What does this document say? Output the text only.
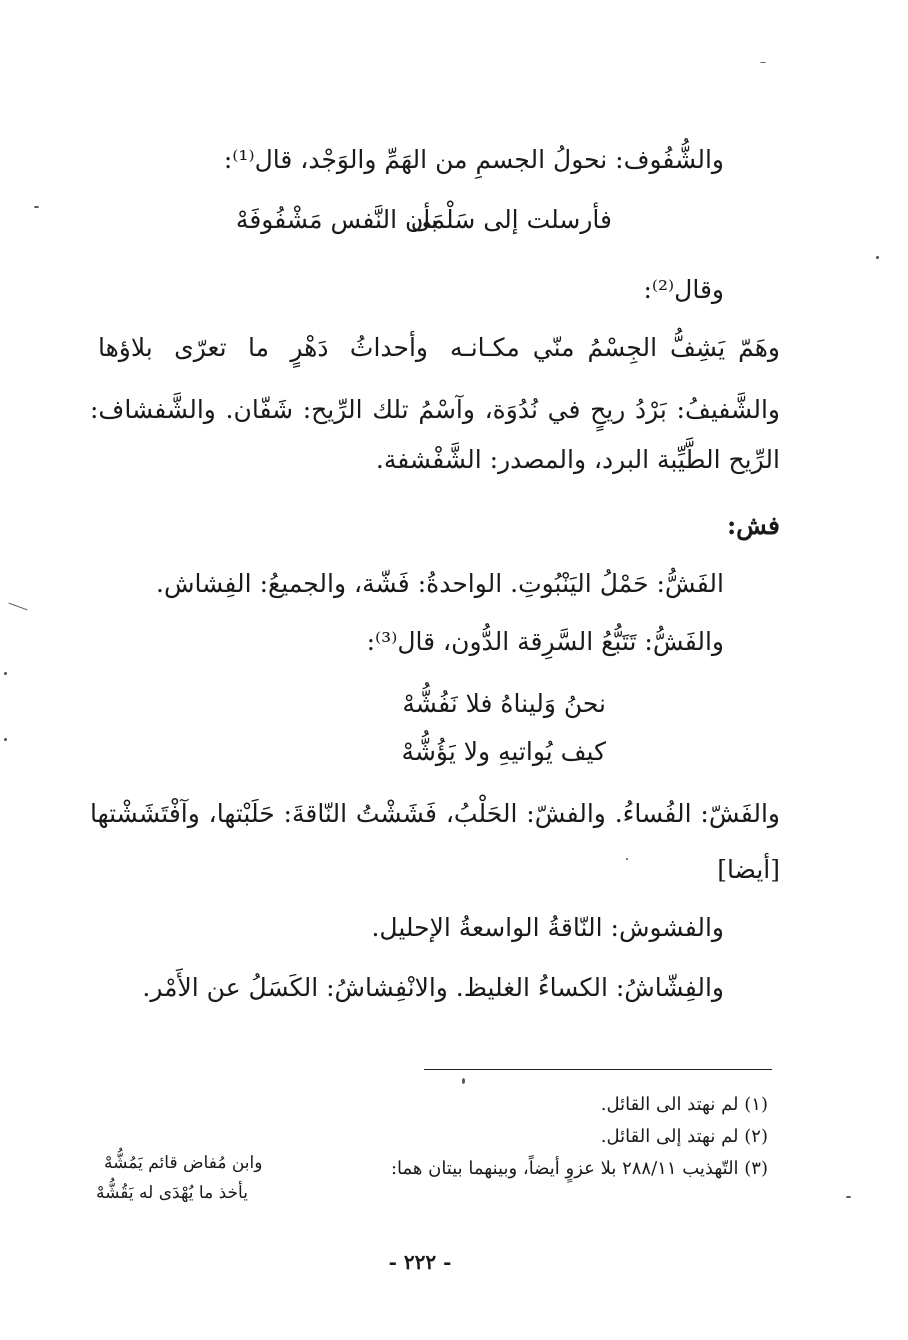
والشُّفُوف: نحولُ الجسمِ من الهَمِّ والوَجْد، قال⁽¹⁾:
فأرسلت إلى سَلْمَى
بأن النَّفس مَشْفُوفَهْ
وقال⁽²⁾:
وهَمّ يَشِفُّ الجِسْمُ منّي مكـانـه
وأحداثُ دَهْرٍ ما تعرّى بلاؤها
والشَّفيفُ: بَرْدُ ريحٍ في نُدُوَة، وآسْمُ تلك الرِّيح: شَفّان. والشَّفشاف:
الرِّيح الطَّيِّبة البرد، والمصدر: الشَّفْشفة.
فش:
الفَشُّ: حَمْلُ اليَنْبُوتِ. الواحدةُ: فَشّة، والجميعُ: الفِشاش.
والفَشُّ: تَتَبُّعُ السَّرِقة الدُّون، قال⁽³⁾:
نحنُ وَليناهُ فلا نَفُشُّهْ
كيف يُواتيهِ ولا يَؤُشُّهْ
والفَشّ: الفُساءُ. والفشّ: الحَلْبُ، فَشَشْتُ النّاقةَ: حَلَبْتها، وآفْتَشَشْتها
[أيضا]
والفشوش: النّاقةُ الواسعةُ الإحليل.
والفِشّاشُ: الكساءُ الغليظ. والانْفِشاشُ: الكَسَلُ عن الأَمْر.
(١) لم نهتد الى القائل.
(٢) لم نهتد إلى القائل.
(٣) التّهذيب ٢٨٨/١١ بلا عزوٍ أيضاً، وبينهما بيتان هما:
وابن مُفاض قائم يَمُشُّهْ
يأخذ ما يُهْدَى له يَقُشُّهْ
- ٢٢٢ -
